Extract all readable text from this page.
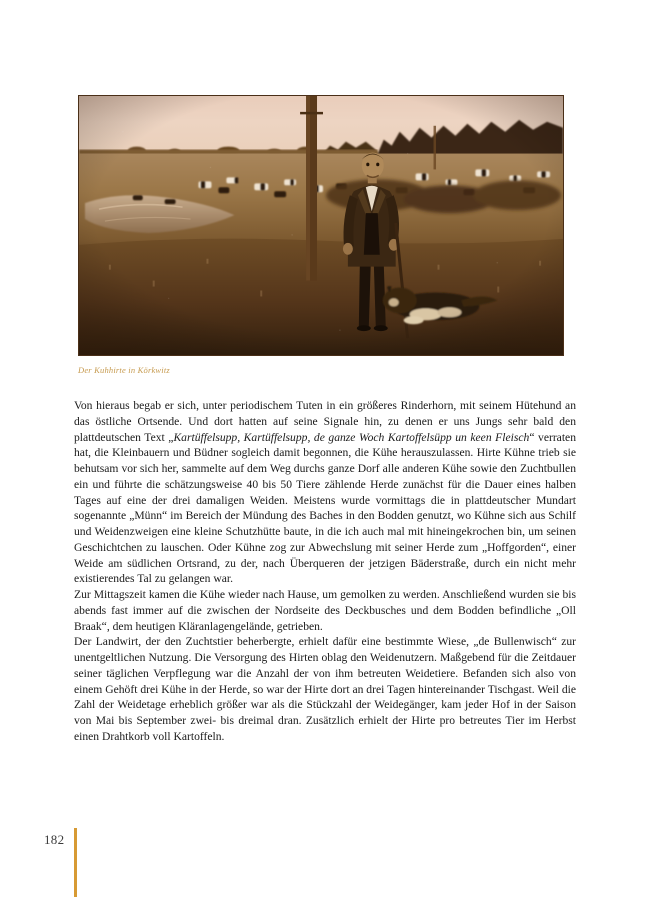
Der Kuhhirte in Körkwitz

Von hieraus begab er sich, unter periodischem Tuten in ein größeres Rinderhorn, mit seinem Hütehund an das östliche Ortsende. Und dort hatten auf seine Signale hin, zu denen er uns Jungs sehr bald den plattdeutschen Text „Kartüffelsupp, Kartüffelsupp, de ganze Woch Kartoffelsüpp un keen Fleisch“ verraten hat, die Kleinbauern und Büdner sogleich damit begonnen, die Kühe herauszulassen. Hirte Kühne trieb sie behutsam vor sich her, sammelte auf dem Weg durchs ganze Dorf alle anderen Kühe sowie den Zuchtbullen ein und führte die schätzungsweise 40 bis 50 Tiere zählende Herde zunächst für die Dauer eines halben Tages auf eine der drei damaligen Weiden. Meistens wurde vormittags die in plattdeutscher Mundart sogenannte „Münn“ im Bereich der Mündung des Baches in den Bodden genutzt, wo Kühne sich aus Schilf und Weidenzweigen eine kleine Schutzhütte baute, in die ich auch mal mit hineingekrochen bin, um seinen Geschichtchen zu lauschen. Oder Kühne zog zur Abwechslung mit seiner Herde zum „Hoffgorden“, einer Weide am südlichen Ortsrand, zu der, nach Überqueren der jetzigen Bäderstraße, durch ein nicht mehr existierendes Tal zu gelangen war.

Zur Mittagszeit kamen die Kühe wieder nach Hause, um gemolken zu werden. Anschließend wurden sie bis abends fast immer auf die zwischen der Nordseite des Deckbusches und dem Bodden befindliche „Oll Braak“, dem heutigen Kläranlagengelände, getrieben.

Der Landwirt, der den Zuchtstier beherbergte, erhielt dafür eine bestimmte Wiese, „de Bullenwisch“ zur unentgeltlichen Nutzung. Die Versorgung des Hirten oblag den Weidenutzern. Maßgebend für die Zeitdauer seiner täglichen Verpflegung war die Anzahl der von ihm betreuten Weidetiere. Befanden sich also von einem Gehöft drei Kühe in der Herde, so war der Hirte dort an drei Tagen hintereinander Tischgast. Weil die Zahl der Weidetage erheblich größer war als die Stückzahl der Weidegänger, kam jeder Hof in der Saison von Mai bis September zwei- bis dreimal dran. Zusätzlich erhielt der Hirte pro betreutes Tier im Herbst einen Drahtkorb voll Kartoffeln.

182
